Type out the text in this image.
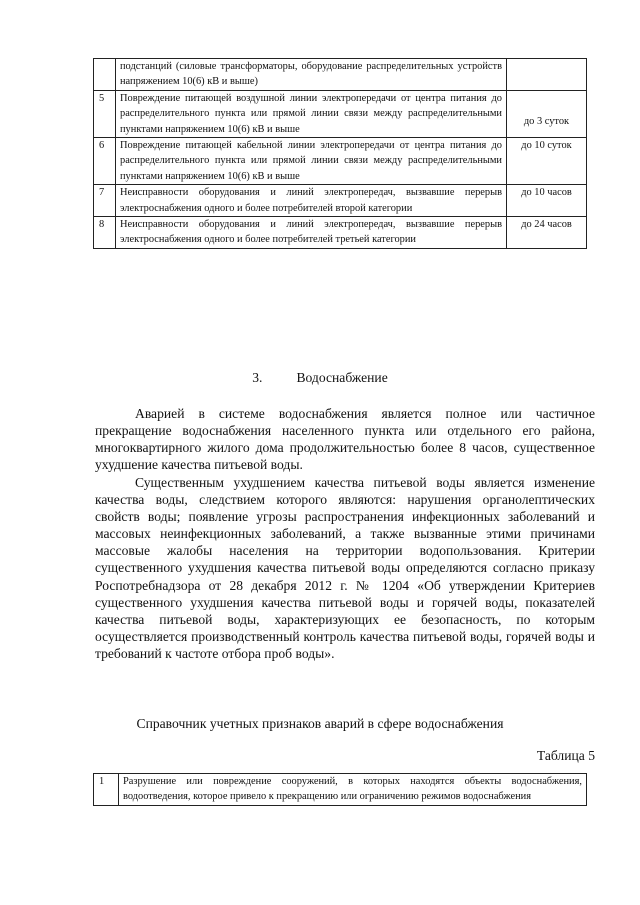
	подстанций (силовые трансформаторы, оборудование распределительных устройств напряжением 10(6) кВ и выше)	
5	Повреждение питающей воздушной линии электропередачи от центра питания до распределительного пункта или прямой линии связи между распределительными пунктами напряжением 10(6) кВ и выше	до 3 суток
6	Повреждение питающей кабельной линии электропередачи от центра питания до распределительного пункта или прямой линии связи между распределительными пунктами напряжением 10(6) кВ и выше	до 10 суток
7	Неисправности оборудования и линий электропередач, вызвавшие перерыв электроснабжения одного и более потребителей второй категории	до 10 часов
8	Неисправности оборудования и линий электропередач, вызвавшие перерыв электроснабжения одного и более потребителей третьей категории	до 24 часов
3.	Водоснабжение

Аварией в системе водоснабжения является полное или частичное прекращение водоснабжения населенного пункта или отдельного его района, многоквартирного жилого дома продолжительностью более 8 часов, существенное ухудшение качества питьевой воды.

Существенным ухудшением качества питьевой воды является изменение качества воды, следствием которого являются: нарушения органолептических свойств воды; появление угрозы распространения инфекционных заболеваний и массовых неинфекционных заболеваний, а также вызванные этими причинами массовые жалобы населения на территории водопользования. Критерии существенного ухудшения качества питьевой воды определяются согласно приказу Роспотребнадзора от 28 декабря 2012 г. № 1204 «Об утверждении Критериев существенного ухудшения качества питьевой воды и горячей воды, показателей качества питьевой воды, характеризующих ее безопасность, по которым осуществляется производственный контроль качества питьевой воды, горячей воды и требований к частоте отбора проб воды».

Справочник учетных признаков аварий в сфере водоснабжения
Таблица 5
1	Разрушение или повреждение сооружений, в которых находятся объекты водоснабжения, водоотведения, которое привело к прекращению или ограничению режимов водоснабжения
